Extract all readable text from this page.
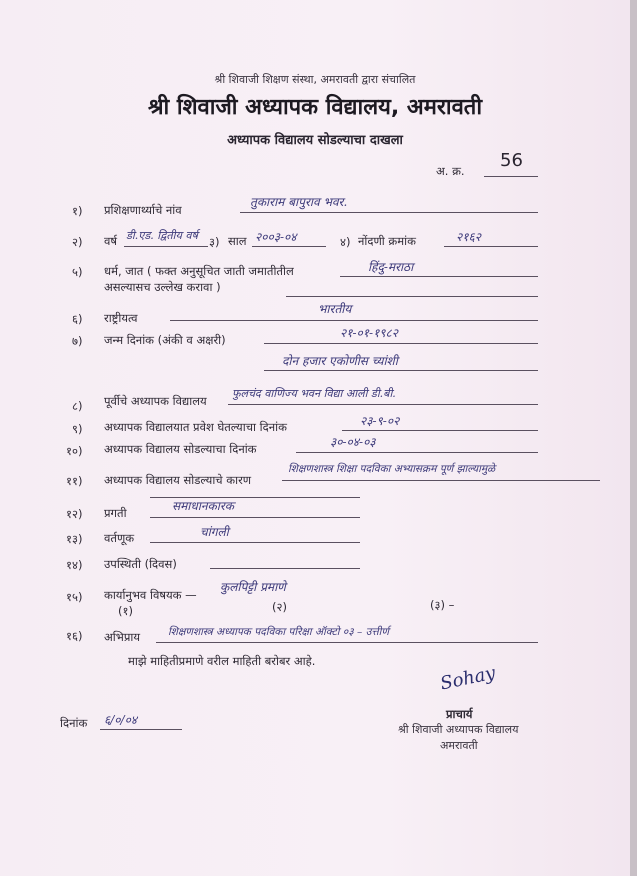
श्री शिवाजी शिक्षण संस्था, अमरावती द्वारा संचालित
श्री शिवाजी अध्यापक विद्यालय, अमरावती
अध्यापक विद्यालय सोडल्याचा दाखला
अ. क्र. 56
१) प्रशिक्षणार्थ्याचे नांव
तुकाराम बापुराव भवर.
२) वर्ष डी.एड. द्वितीय वर्ष ३) साल २००३-०४	४) नोंदणी क्रमांक	२१६२
५) धर्म, जात ( फक्त अनुसूचित जाती जमातीतील
असल्यासच उल्लेख करावा )
हिंदु-मराठा
६) राष्ट्रीयत्व
भारतीय
७) जन्म दिनांक (अंकी व अक्षरी)	२१-०१-१९८२
दोन हजार एकोणीस च्यांशी
८) पूर्वीचे अध्यापक विद्यालय
फुलचंद वाणिज्य भवन विद्या आली डी.बी.
९) अध्यापक विद्यालयात प्रवेश घेतल्याचा दिनांक	२३-९-०२
१०) अध्यापक विद्यालय सोडल्याचा दिनांक	३०-०४-०३
११) अध्यापक विद्यालय सोडल्याचे कारण
शिक्षणशास्त्र शिक्षा पदविका अभ्यासक्रम पूर्ण झाल्यामुळे
१२) प्रगती	समाधानकारक
१३) वर्तणूक	चांगली
१४) उपस्थिती (दिवस)
१५) कार्यानुभव विषयक —
कुलपिट्टी प्रमाणे
(१)	(२)	(३) –
१६) अभिप्राय	शिक्षणशास्त्र अध्यापक पदविका परिक्षा ऑक्टो ०३ – उत्तीर्ण
माझे माहितीप्रमाणे वरील माहिती बरोबर आहे.
दिनांक ६/०/०४
Sohay
प्राचार्य
श्री शिवाजी अध्यापक विद्यालय
अमरावती
